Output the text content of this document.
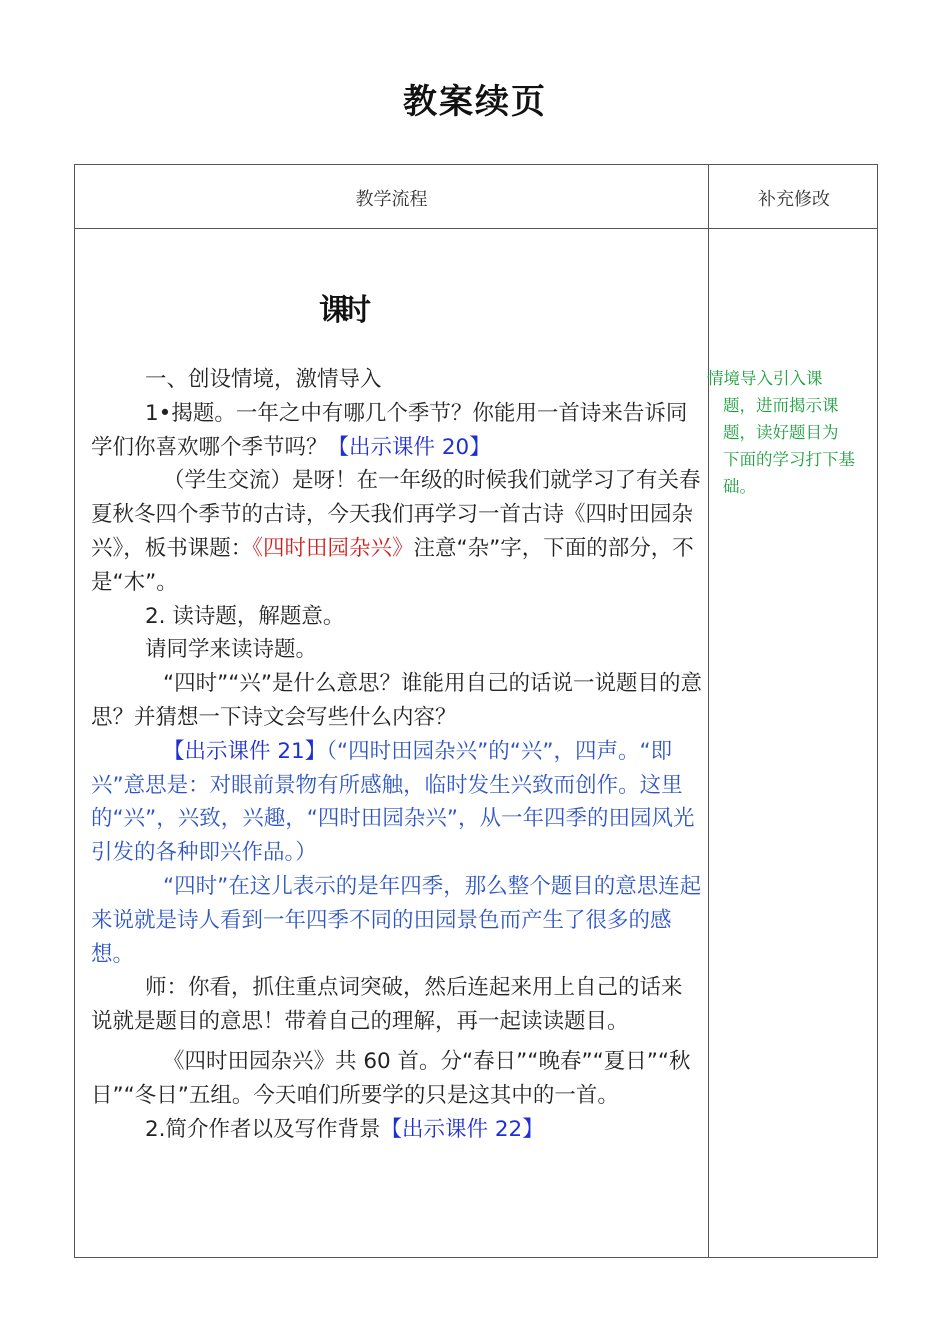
教案续页
教学流程	补充修改
课时

一、创设情境，激情导入

1•揭题。一年之中有哪几个季节？你能用一首诗来告诉同学们你喜欢哪个季节吗？【出示课件 20】

（学生交流）是呀！在一年级的时候我们就学习了有关春夏秋冬四个季节的古诗，今天我们再学习一首古诗《四时田园杂兴》，板书课题：《四时田园杂兴》注意“杂”字，下面的部分，不是“木”。

2. 读诗题，解题意。

请同学来读诗题。

“四时”“兴”是什么意思？谁能用自己的话说一说题目的意思？并猜想一下诗文会写些什么内容？

【出示课件 21】（“四时田园杂兴”的“兴”，四声。“即兴”意思是：对眼前景物有所感触，临时发生兴致而创作。这里的“兴”，兴致，兴趣，“四时田园杂兴”，从一年四季的田园风光引发的各种即兴作品。）

“四时”在这儿表示的是年四季，那么整个题目的意思连起来说就是诗人看到一年四季不同的田园景色而产生了很多的感想。

师：你看，抓住重点词突破，然后连起来用上自己的话来说就是题目的意思！带着自己的理解，再一起读读题目。

《四时田园杂兴》共 60 首。分“春日”“晚春”“夏日”“秋日”“冬日”五组。今天咱们所要学的只是这其中的一首。

2.简介作者以及写作背景【出示课件 22】

情境导入引入课

题，进而揭示课

题，读好题目为

下面的学习打下基

础。
